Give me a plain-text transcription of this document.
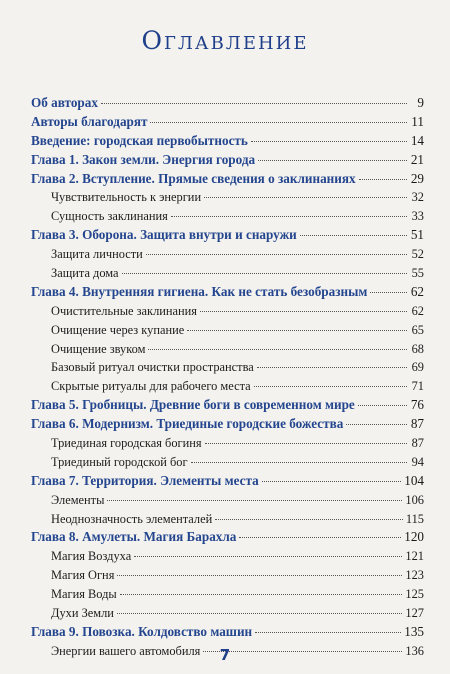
Оглавление
Об авторах	9
Авторы благодарят	11
Введение: городская первобытность	14
Глава 1. Закон земли. Энергия города	21
Глава 2. Вступление. Прямые сведения о заклинаниях	29
Чувствительность к энергии	32
Сущность заклинания	33
Глава 3. Оборона. Защита внутри и снаружи	51
Защита личности	52
Защита дома	55
Глава 4. Внутренняя гигиена. Как не стать безобразным	62
Очистительные заклинания	62
Очищение через купание	65
Очищение звуком	68
Базовый ритуал очистки пространства	69
Скрытые ритуалы для рабочего места	71
Глава 5. Гробницы. Древние боги в современном мире	76
Глава 6. Модернизм. Триединые городские божества	87
Триединая городская богиня	87
Триединый городской бог	94
Глава 7. Территория. Элементы места	104
Элементы	106
Неоднозначность элементалей	115
Глава 8. Амулеты. Магия Барахла	120
Магия Воздуха	121
Магия Огня	123
Магия Воды	125
Духи Земли	127
Глава 9. Повозка. Колдовство машин	135
Энергии вашего автомобиля	136
7
